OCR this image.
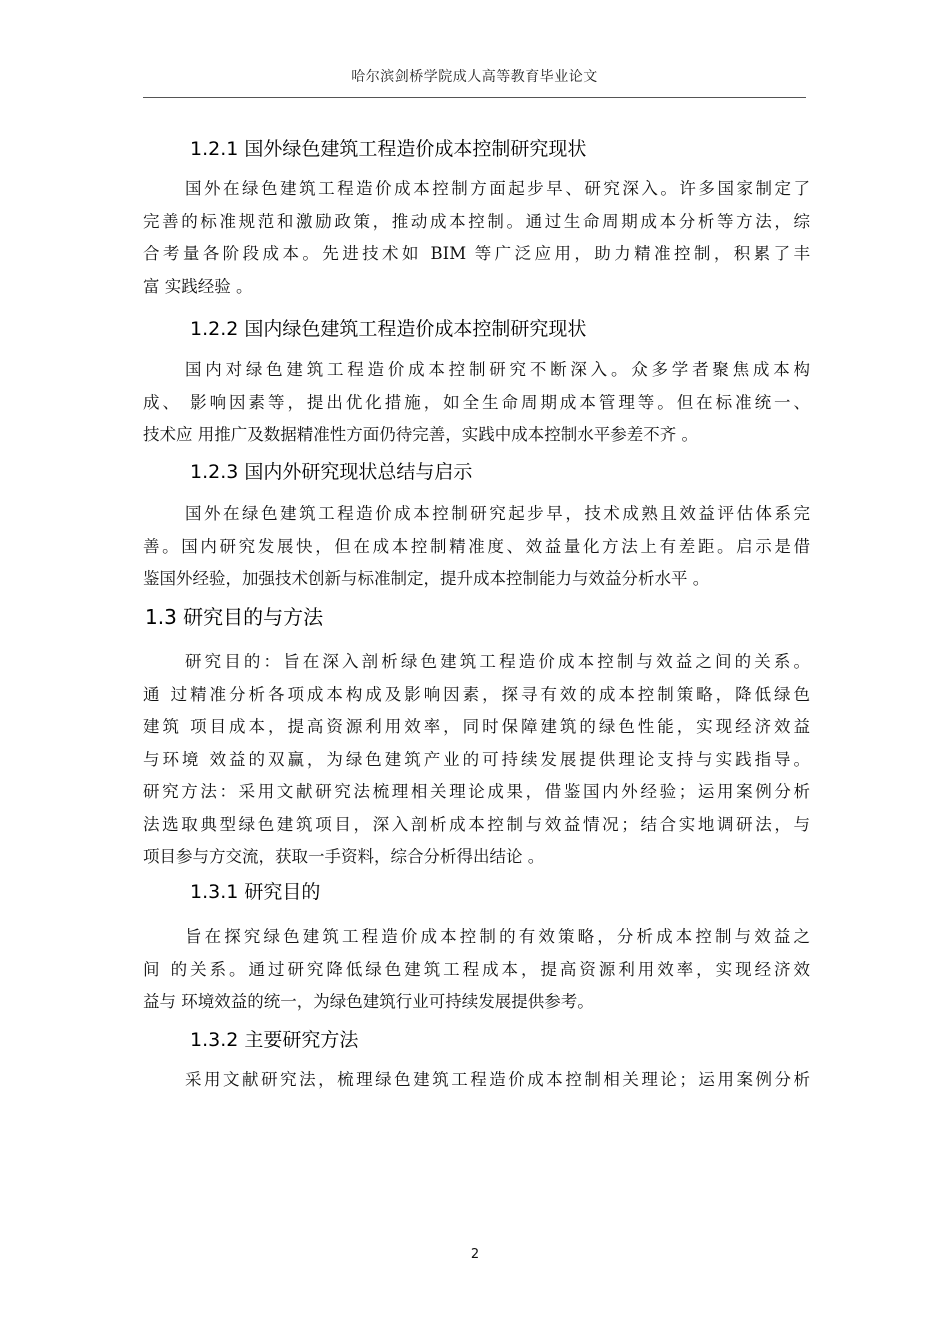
哈尔滨剑桥学院成人高等教育毕业论文
1.2.1 国外绿色建筑工程造价成本控制研究现状
国外在绿色建筑工程造价成本控制方面起步早、研究深入。许多国家制定了
完善的标准规范和激励政策，推动成本控制。通过生命周期成本分析等方法，综
合考量各阶段成本。先进技术如 BIM 等广泛应用，助力精准控制，积累了丰
富 实践经验 。
1.2.2 国内绿色建筑工程造价成本控制研究现状
国内对绿色建筑工程造价成本控制研究不断深入。众多学者聚焦成本构
成、 影响因素等，提出优化措施，如全生命周期成本管理等。但在标准统一、
技术应 用推广及数据精准性方面仍待完善，实践中成本控制水平参差不齐 。
1.2.3 国内外研究现状总结与启示
国外在绿色建筑工程造价成本控制研究起步早，技术成熟且效益评估体系完
善。国内研究发展快，但在成本控制精准度、效益量化方法上有差距。启示是借
鉴国外经验，加强技术创新与标准制定，提升成本控制能力与效益分析水平 。
1.3 研究目的与方法
研究目的：旨在深入剖析绿色建筑工程造价成本控制与效益之间的关系。
通 过精准分析各项成本构成及影响因素，探寻有效的成本控制策略，降低绿色
建筑 项目成本，提高资源利用效率，同时保障建筑的绿色性能，实现经济效益
与环境 效益的双赢，为绿色建筑产业的可持续发展提供理论支持与实践指导。
研究方法：采用文献研究法梳理相关理论成果，借鉴国内外经验；运用案例分析
法选取典型绿色建筑项目，深入剖析成本控制与效益情况；结合实地调研法，与
项目参与方交流，获取一手资料，综合分析得出结论 。
1.3.1 研究目的
旨在探究绿色建筑工程造价成本控制的有效策略，分析成本控制与效益之
间 的关系。通过研究降低绿色建筑工程成本，提高资源利用效率，实现经济效
益与 环境效益的统一，为绿色建筑行业可持续发展提供参考。
1.3.2 主要研究方法
采用文献研究法，梳理绿色建筑工程造价成本控制相关理论；运用案例分析
2
